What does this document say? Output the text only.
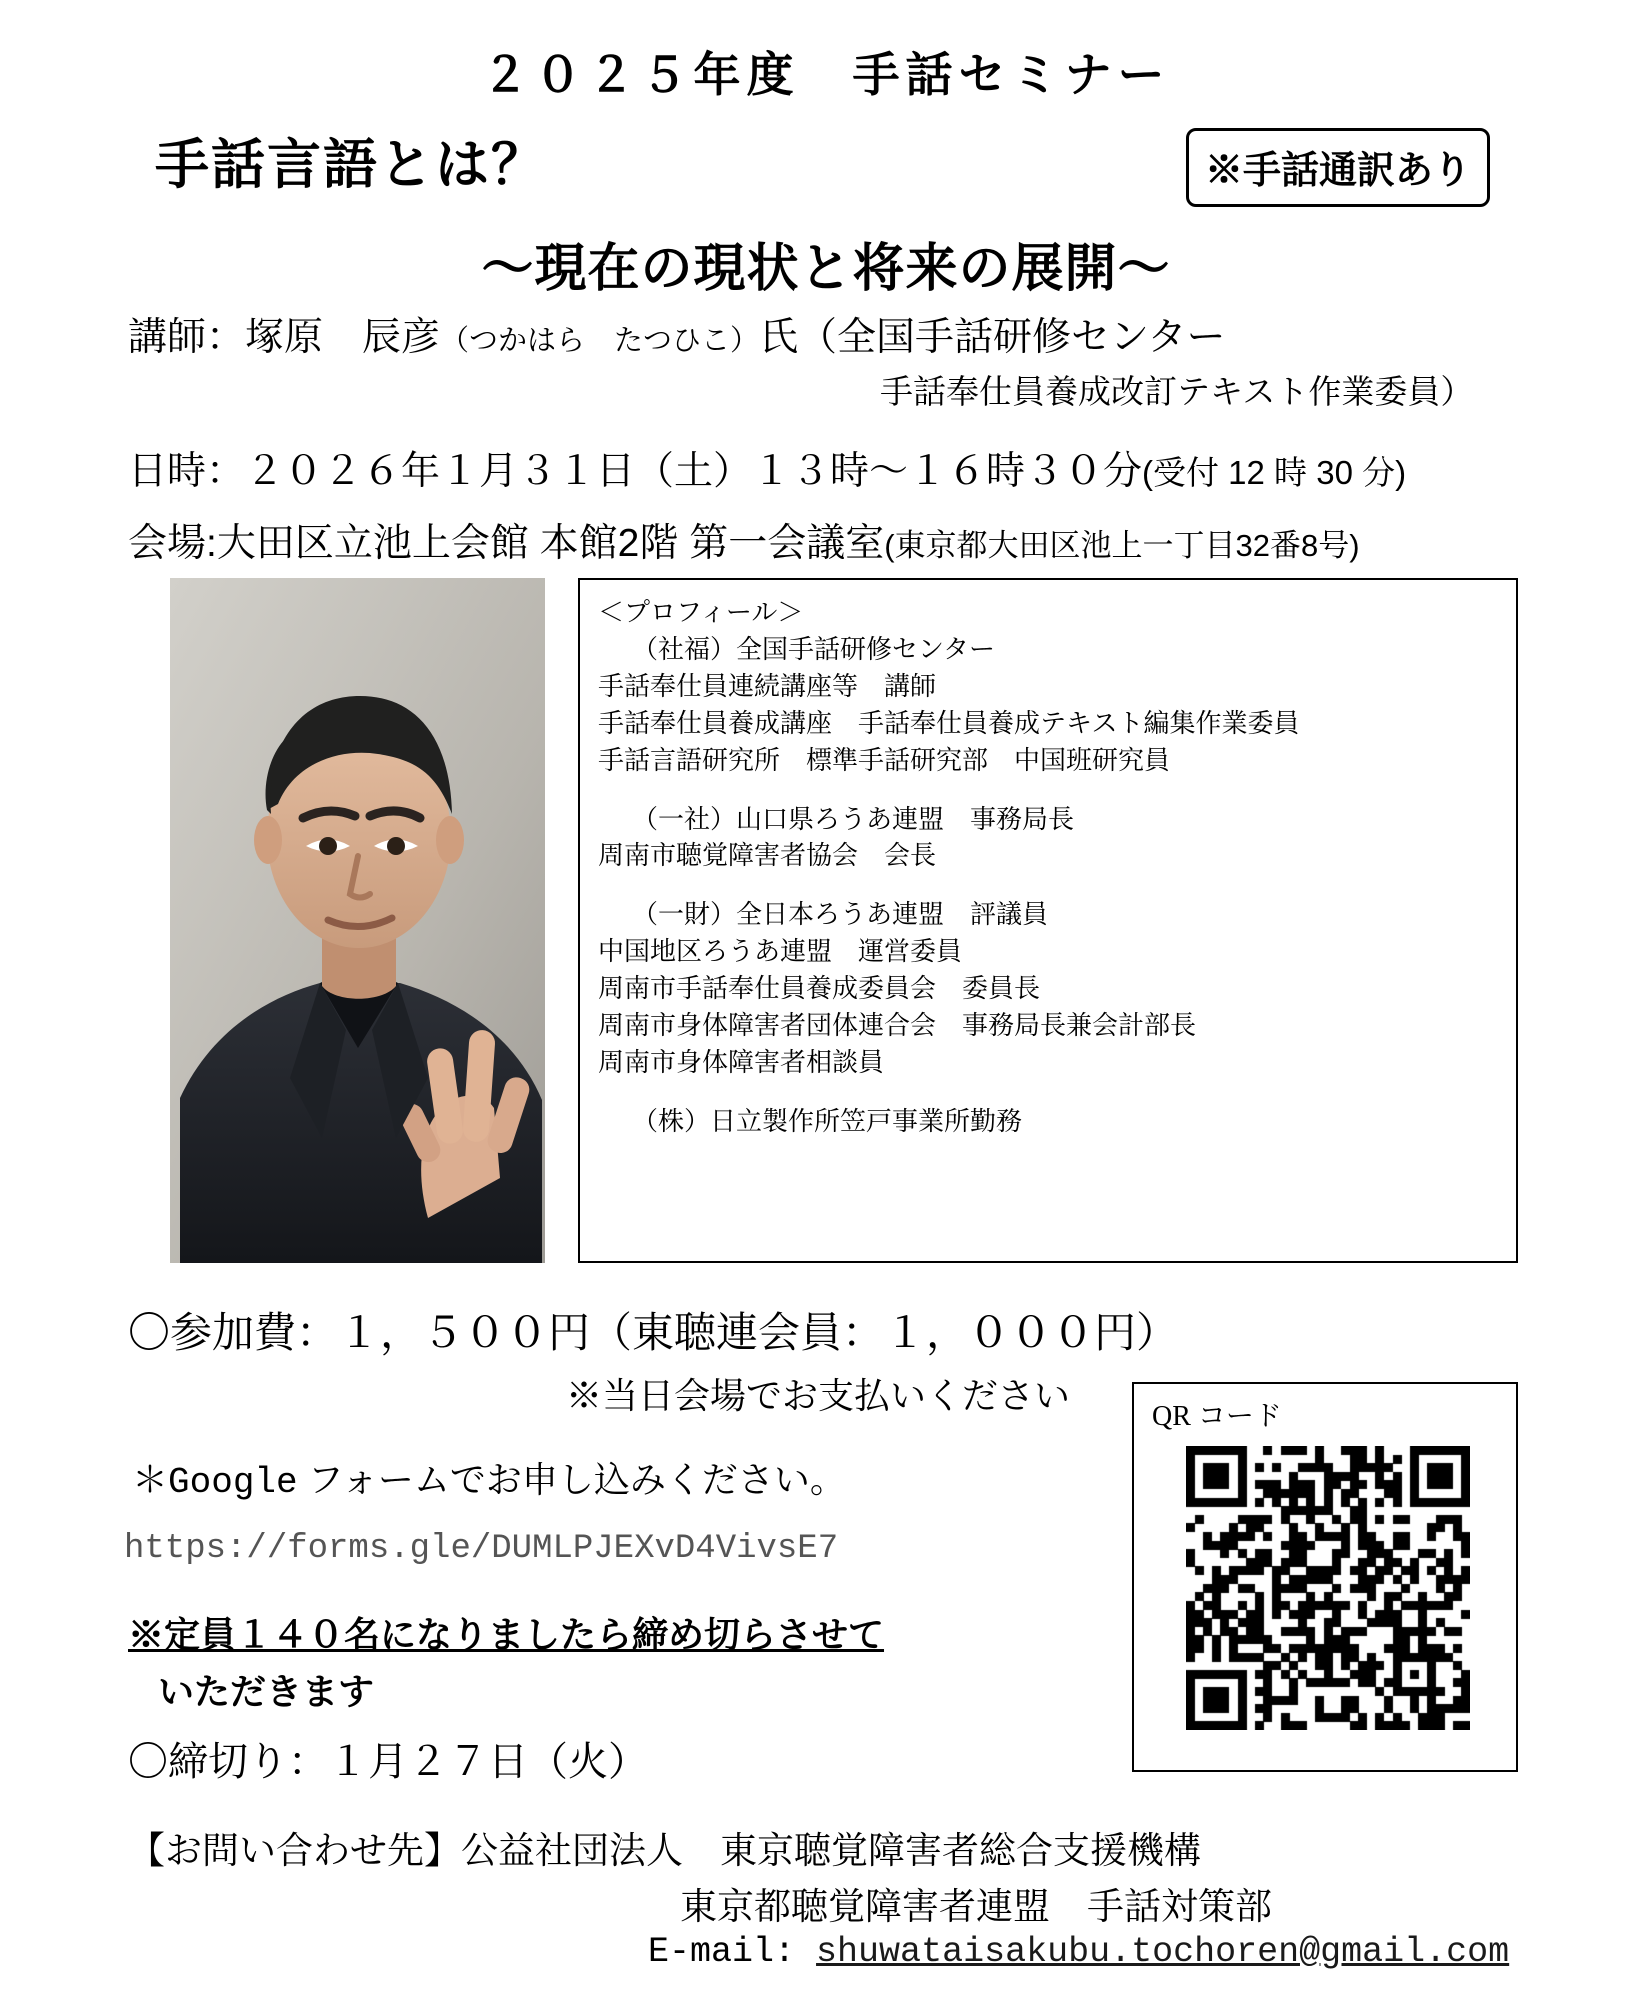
２０２５年度　手話セミナー
手話言語とは？	※手話通訳あり
〜現在の現状と将来の展開〜
講師：塚原　辰彦（つかはら　たつひこ）氏（全国手話研修センター
手話奉仕員養成改訂テキスト作業委員）
日時：２０２６年１月３１日（土）１３時〜１６時３０分(受付 12 時 30 分)
会場:大田区立池上会館 本館2階 第一会議室(東京都大田区池上一丁目32番8号)
＜プロフィール＞
（社福）全国手話研修センター
手話奉仕員連続講座等　講師
手話奉仕員養成講座　手話奉仕員養成テキスト編集作業委員
手話言語研究所　標準手話研究部　中国班研究員
（一社）山口県ろうあ連盟　事務局長
周南市聴覚障害者協会　会長
（一財）全日本ろうあ連盟　評議員
中国地区ろうあ連盟　運営委員
周南市手話奉仕員養成委員会　委員長
周南市身体障害者団体連合会　事務局長兼会計部長
周南市身体障害者相談員
（株）日立製作所笠戸事業所勤務
〇参加費：１，５００円（東聴連会員：１，０００円）
※当日会場でお支払いください
＊Google フォームでお申し込みください。
https://forms.gle/DUMLPJEXvD4VivsE7
※定員１４０名になりましたら締め切らさせて
いただきます
〇締切り：１月２７日（火）
QR コード
【お問い合わせ先】公益社団法人　東京聴覚障害者総合支援機構
東京都聴覚障害者連盟　手話対策部
E-mail: shuwataisakubu.tochoren@gmail.com
